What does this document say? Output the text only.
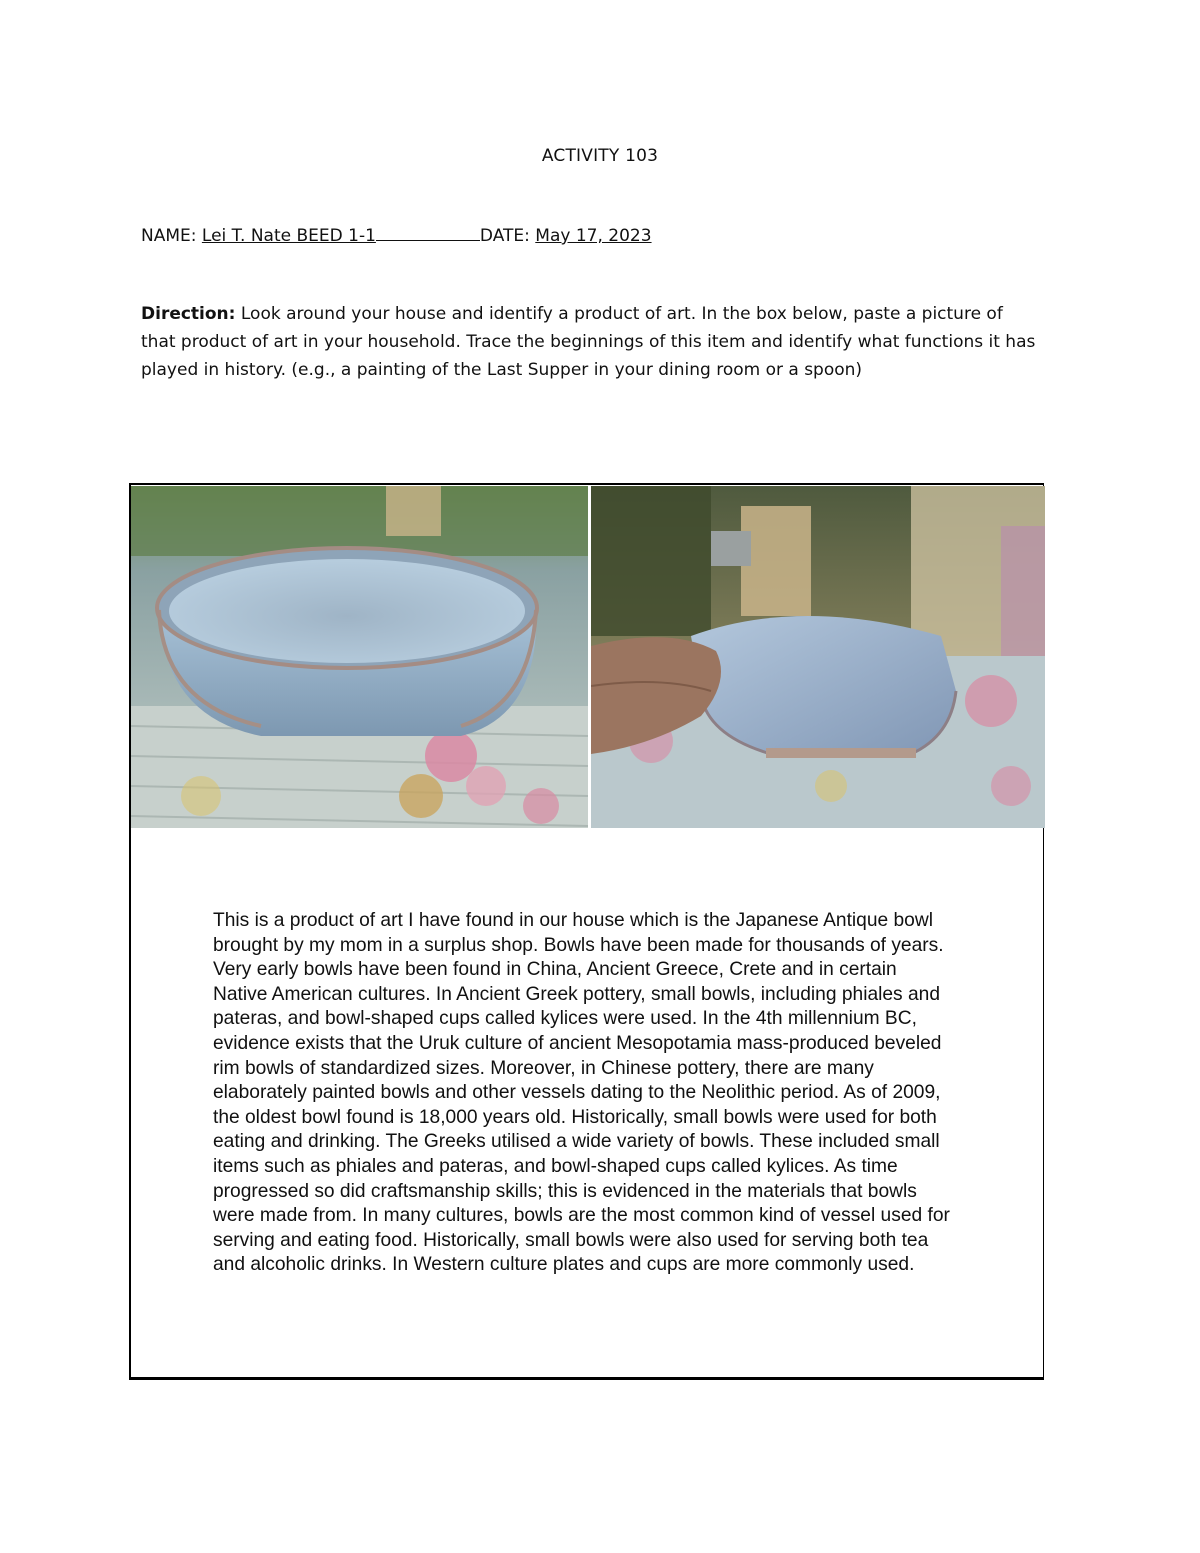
ACTIVITY 103
NAME: Lei T. Nate BEED 1-1	DATE: May 17, 2023
Direction: Look around your house and identify a product of art. In the box below, paste a picture of that product of art in your household. Trace the beginnings of this item and identify what functions it has played in history. (e.g., a painting of the Last Supper in your dining room or a spoon)
This is a product of art I have found in our house which is the Japanese Antique bowl brought by my mom in a surplus shop. Bowls have been made for thousands of years. Very early bowls have been found in China, Ancient Greece, Crete and in certain Native American cultures. In Ancient Greek pottery, small bowls, including phiales and pateras, and bowl-shaped cups called kylices were used. In the 4th millennium BC, evidence exists that the Uruk culture of ancient Mesopotamia mass-produced beveled rim bowls of standardized sizes. Moreover, in Chinese pottery, there are many elaborately painted bowls and other vessels dating to the Neolithic period. As of 2009, the oldest bowl found is 18,000 years old. Historically, small bowls were used for both eating and drinking. The Greeks utilised a wide variety of bowls. These included small items such as phiales and pateras, and bowl-shaped cups called kylices. As time progressed so did craftsmanship skills; this is evidenced in the materials that bowls were made from. In many cultures, bowls are the most common kind of vessel used for serving and eating food. Historically, small bowls were also used for serving both tea and alcoholic drinks. In Western culture plates and cups are more commonly used.
